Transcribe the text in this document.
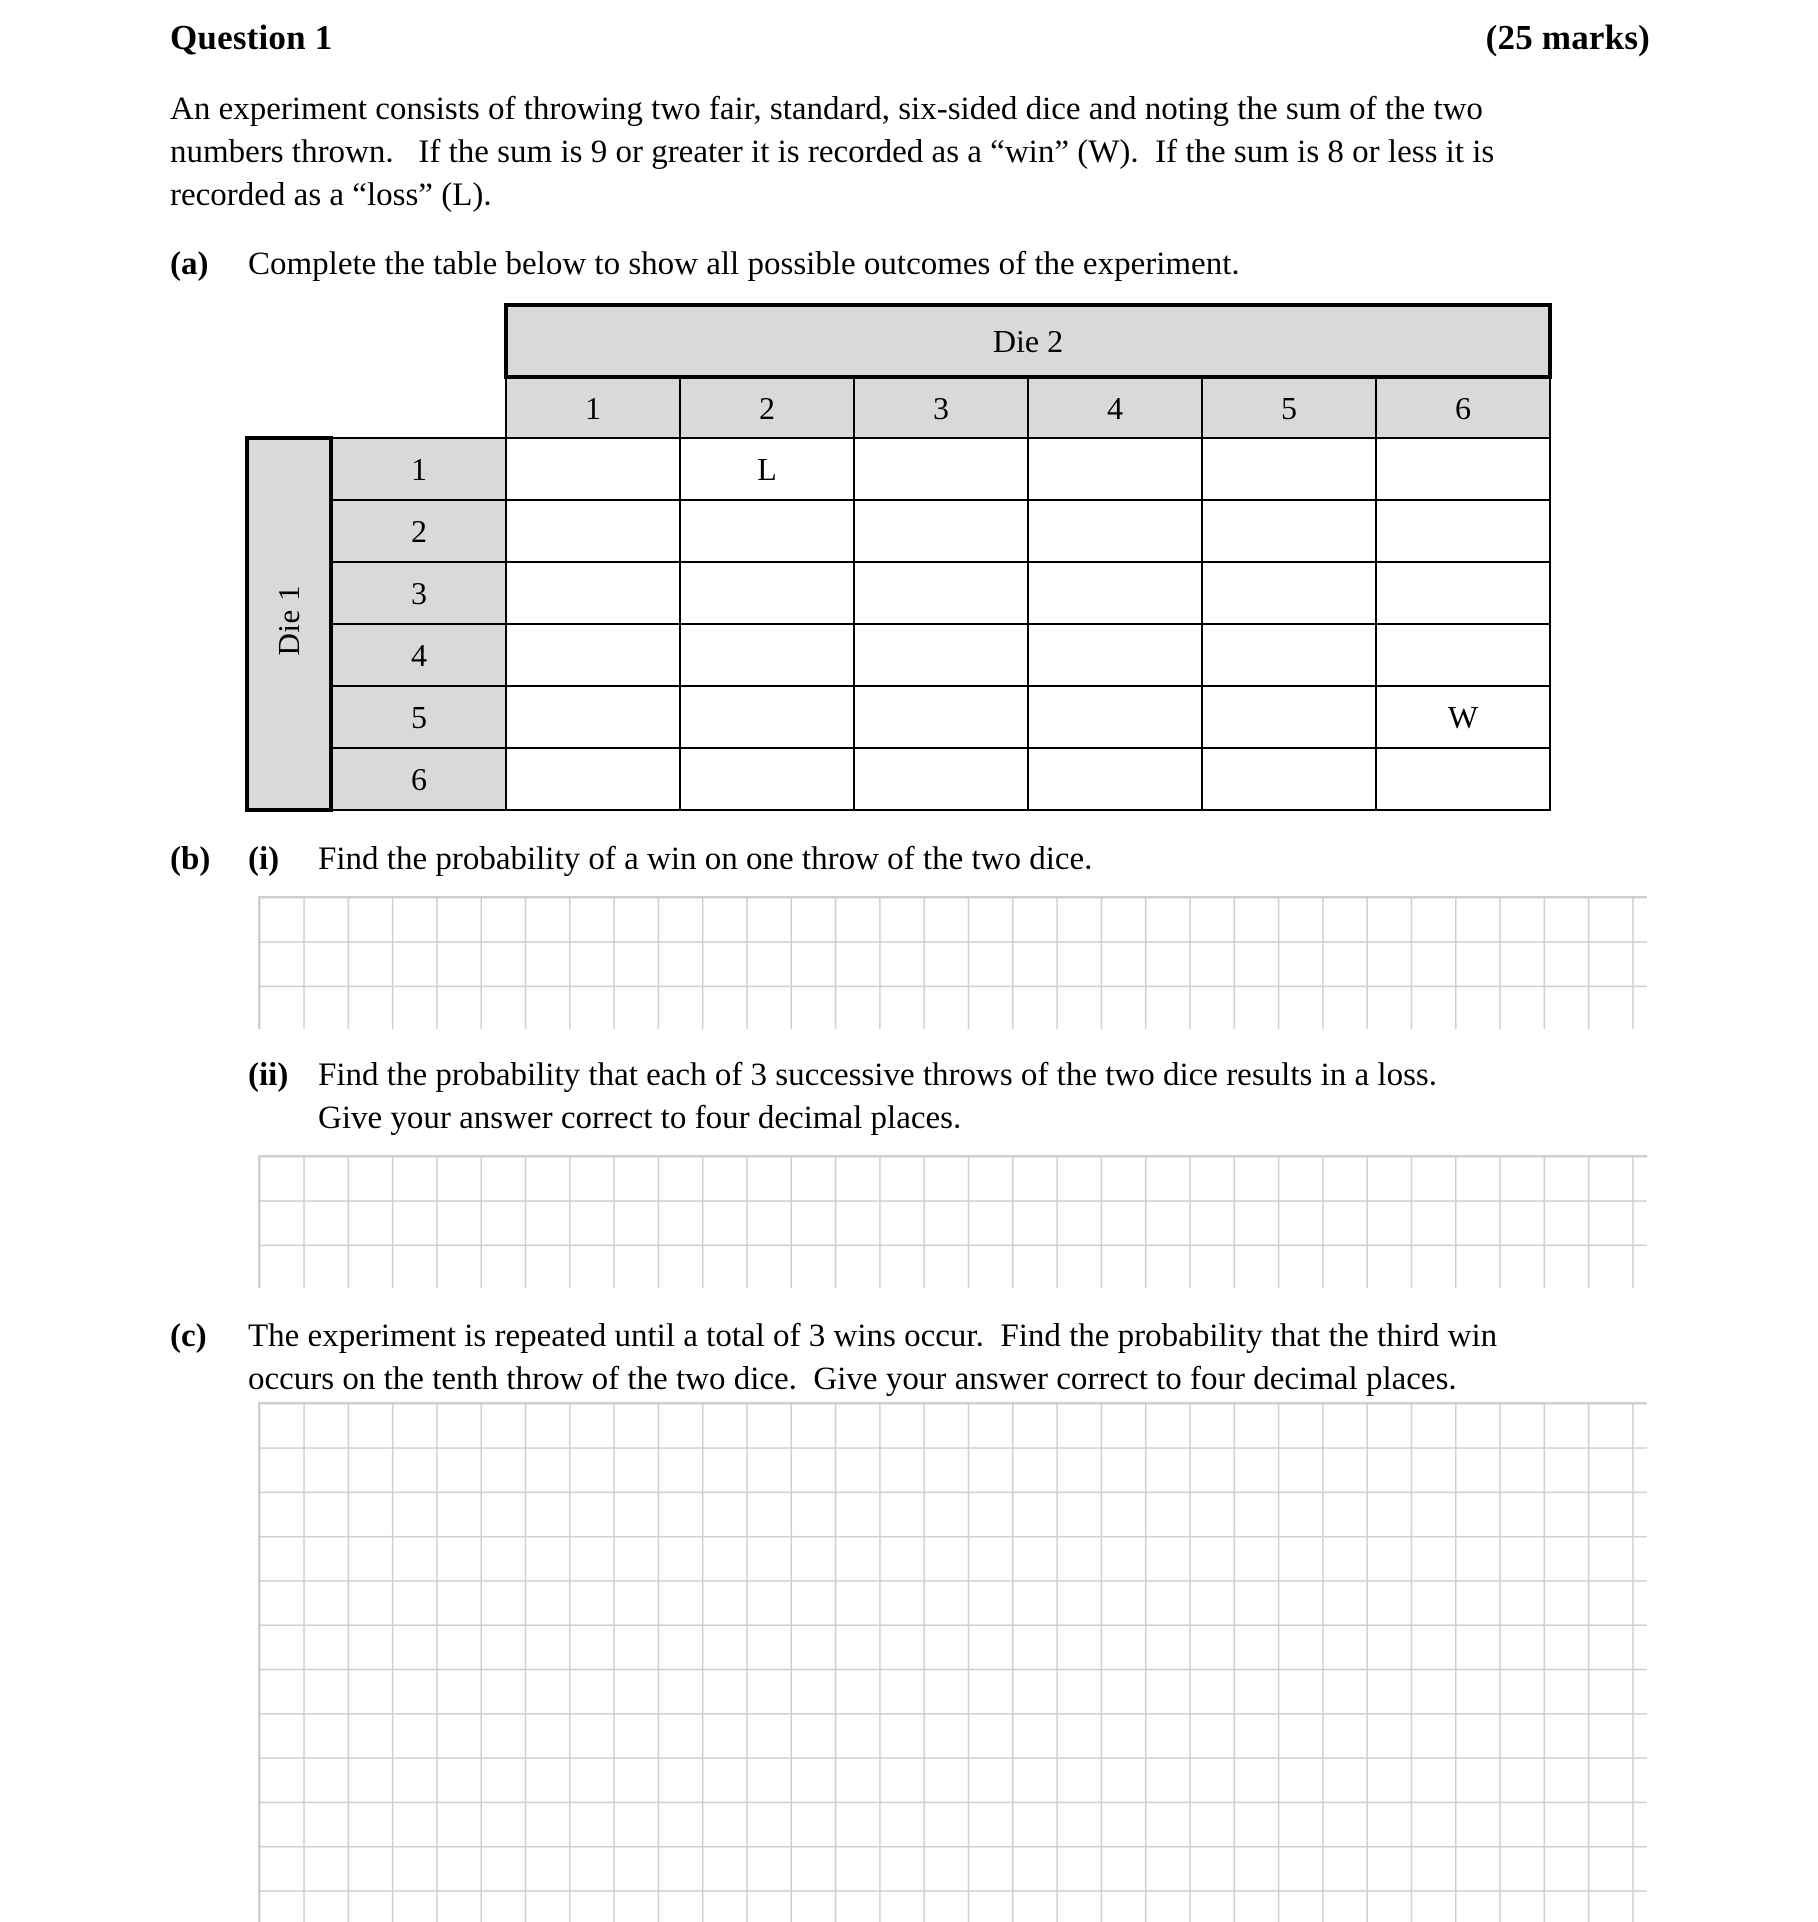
Question 1	(25 marks)
An experiment consists of throwing two fair, standard, six-sided dice and noting the sum of the two
numbers thrown.   If the sum is 9 or greater it is recorded as a “win” (W).  If the sum is 8 or less it is
recorded as a “loss” (L).
(a)	Complete the table below to show all possible outcomes of the experiment.
		Die 2					
		1	2	3	4	5	6
Die 1	1		L				
	2						
	3						
	4						
	5						W
	6						
(b)	(i)	Find the probability of a win on one throw of the two dice.
(ii) Find the probability that each of 3 successive throws of the two dice results in a loss.
Give your answer correct to four decimal places.
(c)	The experiment is repeated until a total of 3 wins occur.  Find the probability that the third win
occurs on the tenth throw of the two dice.  Give your answer correct to four decimal places.
